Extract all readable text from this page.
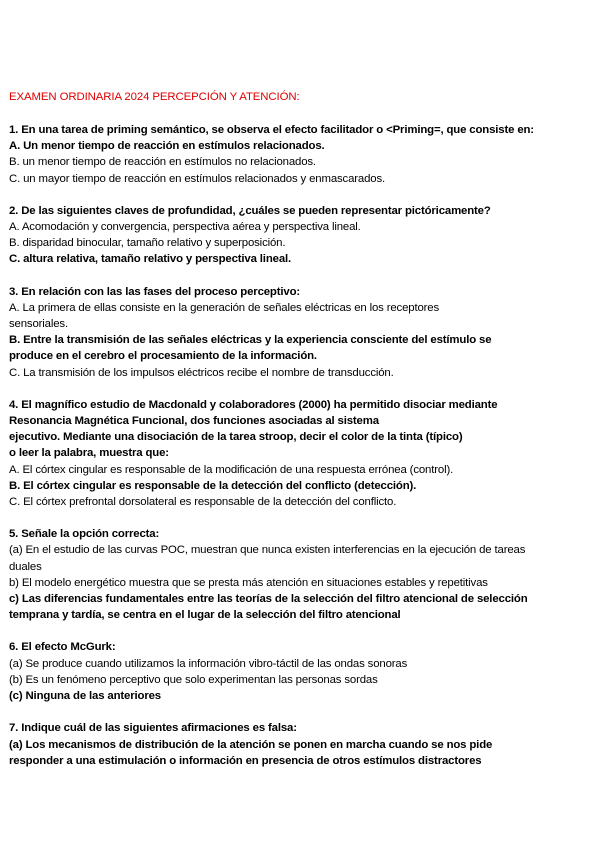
EXAMEN ORDINARIA 2024 PERCEPCIÓN Y ATENCIÓN:
1. En una tarea de priming semántico, se observa el efecto facilitador o <Priming=, que consiste en:
A. Un menor tiempo de reacción en estímulos relacionados.
B. un menor tiempo de reacción en estímulos no relacionados.
C. un mayor tiempo de reacción en estímulos relacionados y enmascarados.
2. De las siguientes claves de profundidad, ¿cuáles se pueden representar pictóricamente?
A. Acomodación y convergencia, perspectiva aérea y perspectiva lineal.
B. disparidad binocular, tamaño relativo y superposición.
C. altura relativa, tamaño relativo y perspectiva lineal.
3. En relación con las las fases del proceso perceptivo:
A. La primera de ellas consiste en la generación de señales eléctricas en los receptores
sensoriales.
B. Entre la transmisión de las señales eléctricas y la experiencia consciente del estímulo se
produce en el cerebro el procesamiento de la información.
C. La transmisión de los impulsos eléctricos recibe el nombre de transducción.
4. El magnífico estudio de Macdonald y colaboradores (2000) ha permitido disociar mediante
Resonancia Magnética Funcional, dos funciones asociadas al sistema
ejecutivo. Mediante una disociación de la tarea stroop, decir el color de la tinta (típico)
o leer la palabra, muestra que:
A. El córtex cingular es responsable de la modificación de una respuesta errónea (control).
B. El córtex cingular es responsable de la detección del conflicto (detección).
C. El córtex prefrontal dorsolateral es responsable de la detección del conflicto.
5. Señale la opción correcta:
(a) En el estudio de las curvas POC, muestran que nunca existen interferencias en la ejecución de tareas
duales
b) El modelo energético muestra que se presta más atención en situaciones estables y repetitivas
c) Las diferencias fundamentales entre las teorías de la selección del filtro atencional de selección
temprana y tardía, se centra en el lugar de la selección del filtro atencional
6. El efecto McGurk:
(a) Se produce cuando utilizamos la información vibro-táctil de las ondas sonoras
(b) Es un fenómeno perceptivo que solo experimentan las personas sordas
(c) Ninguna de las anteriores
7. Indique cuál de las siguientes afirmaciones es falsa:
(a) Los mecanismos de distribución de la atención se ponen en marcha cuando se nos pide
responder a una estimulación o información en presencia de otros estímulos distractores
